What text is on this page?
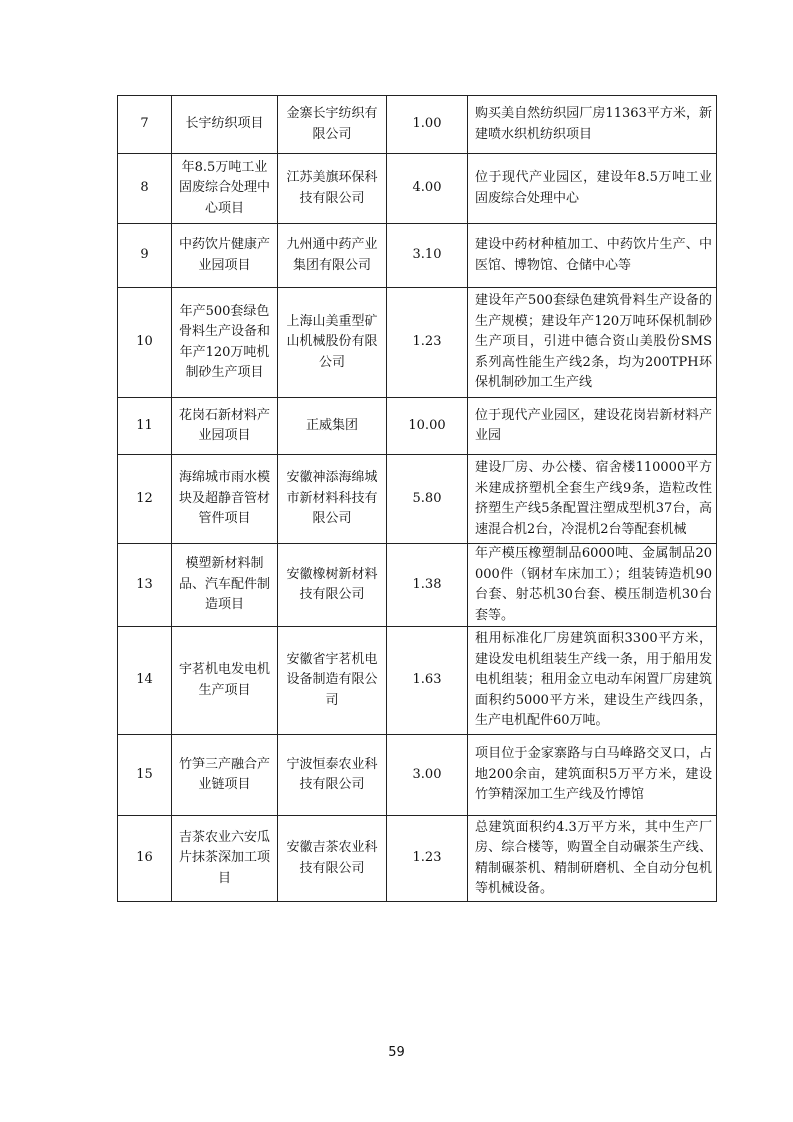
7	长宇纺织项目	金寨长宇纺织有限公司	1.00	购买美自然纺织园厂房11363平方米，新建喷水织机纺织项目
8	年8.5万吨工业固废综合处理中心项目	江苏美旗环保科技有限公司	4.00	位于现代产业园区，建设年8.5万吨工业固废综合处理中心
9	中药饮片健康产业园项目	九州通中药产业集团有限公司	3.10	建设中药材种植加工、中药饮片生产、中医馆、博物馆、仓储中心等
10	年产500套绿色骨料生产设备和年产120万吨机制砂生产项目	上海山美重型矿山机械股份有限公司	1.23	建设年产500套绿色建筑骨料生产设备的生产规模；建设年产120万吨环保机制砂生产项目，引进中德合资山美股份SMS系列高性能生产线2条，均为200TPH环保机制砂加工生产线
11	花岗石新材料产业园项目	正威集团	10.00	位于现代产业园区，建设花岗岩新材料产业园
12	海绵城市雨水模块及超静音管材管件项目	安徽神添海绵城市新材料科技有限公司	5.80	建设厂房、办公楼、宿舍楼110000平方米建成挤塑机全套生产线9条，造粒改性挤塑生产线5条配置注塑成型机37台，高速混合机2台，冷混机2台等配套机械
13	模塑新材料制品、汽车配件制造项目	安徽橡树新材料技有限公司	1.38	年产模压橡塑制品6000吨、金属制品20000件（钢材车床加工）；组装铸造机90台套、射芯机30台套、模压制造机30台套等。
14	宇茗机电发电机生产项目	安徽省宇茗机电设备制造有限公司	1.63	租用标准化厂房建筑面积3300平方米，建设发电机组装生产线一条，用于船用发电机组装；租用金立电动车闲置厂房建筑面积约5000平方米，建设生产线四条，生产电机配件60万吨。
15	竹笋三产融合产业链项目	宁波恒泰农业科技有限公司	3.00	项目位于金家寨路与白马峰路交叉口，占地200余亩，建筑面积5万平方米，建设竹笋精深加工生产线及竹博馆
16	吉茶农业六安瓜片抹茶深加工项目	安徽吉茶农业科技有限公司	1.23	总建筑面积约4.3万平方米，其中生产厂房、综合楼等，购置全自动碾茶生产线、精制碾茶机、精制研磨机、全自动分包机等机械设备。
59
